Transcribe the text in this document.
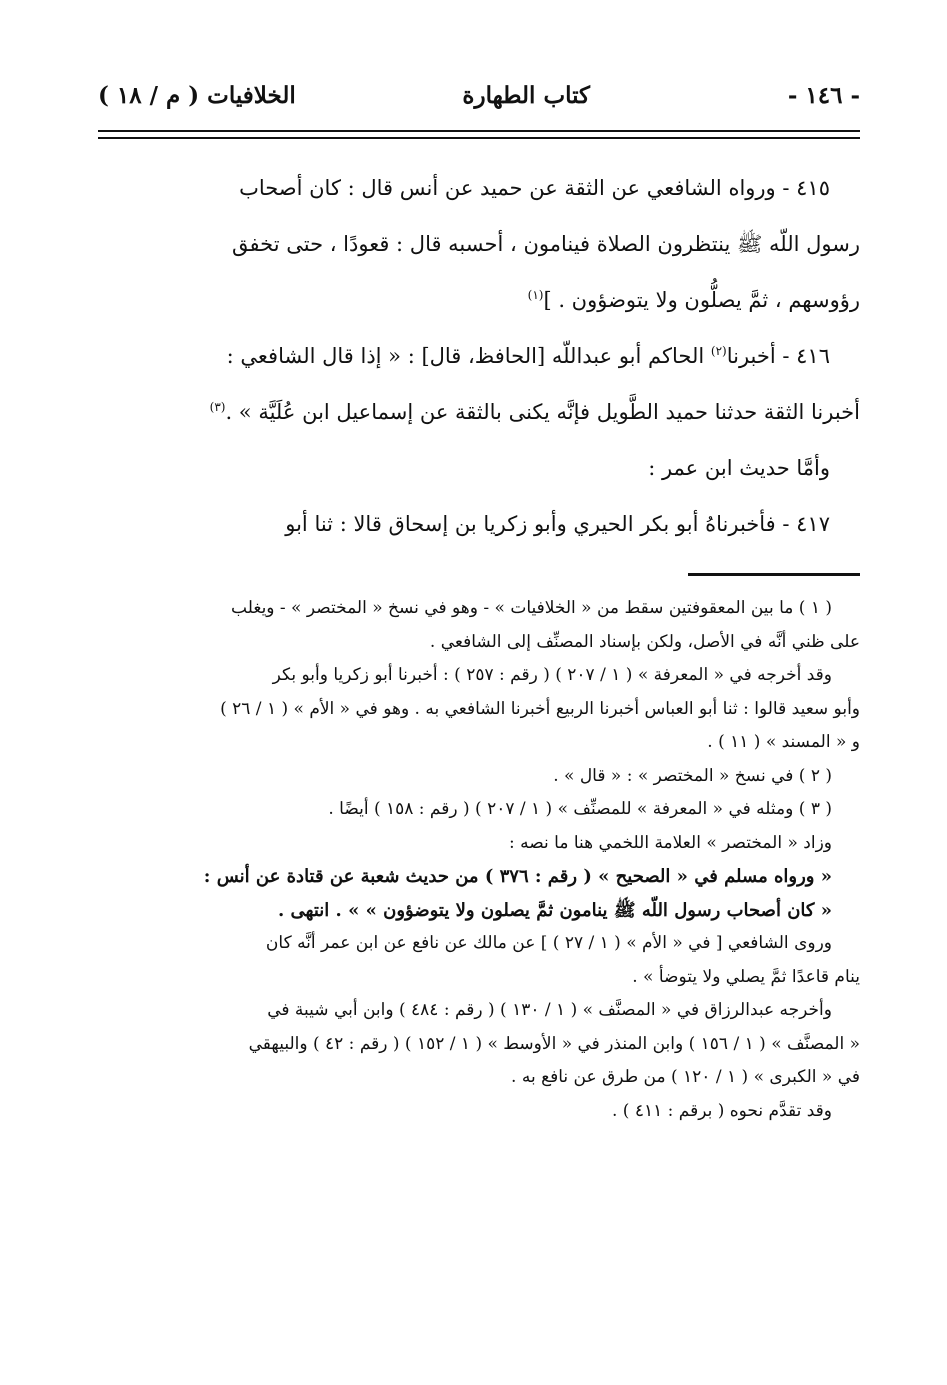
- ١٤٦ -
كتاب الطهارة
الخلافيات ( م / ١٨ )

٤١٥ - ورواه الشافعي عن الثقة عن حميد عن أنس قال : كان أصحاب

رسول اللّه ﷺ ينتظرون الصلاة فينامون ، أحسبه قال : قعودًا ، حتى تخفق

رؤوسهم ، ثمَّ يصلُّون ولا يتوضؤون . ]$^{(١)}$

٤١٦ - أخبرنا$^{(٢)}$ الحاكم أبو عبداللّه [الحافظ، قال] : « إذا قال الشافعي :

أخبرنا الثقة حدثنا حميد الطَّويل فإنَّه يكنى بالثقة عن إسماعيل ابن عُلَيَّة » .$^{(٣)}$

وأمَّا حديث ابن عمر :

٤١٧ - فأخبرناهُ أبو بكر الحيري وأبو زكريا بن إسحاق قالا : ثنا أبو

( ١ ) ما بين المعقوفتين سقط من « الخلافيات » - وهو في نسخ « المختصر » - ويغلب

على ظني أنَّه في الأصل، ولكن بإسناد المصنِّف إلى الشافعي .

وقد أخرجه في « المعرفة » ( ١ / ٢٠٧ ) ( رقم : ٢٥٧ ) : أخبرنا أبو زكريا وأبو بكر

وأبو سعيد قالوا : ثنا أبو العباس أخبرنا الربيع أخبرنا الشافعي به . وهو في « الأم » ( ١ / ٢٦ )

و « المسند » ( ١١ ) .

( ٢ ) في نسخ « المختصر » : « قال » .

( ٣ ) ومثله في « المعرفة » للمصنِّف » ( ١ / ٢٠٧ ) ( رقم : ١٥٨ ) أيضًا .

وزاد « المختصر » العلامة اللخمي هنا ما نصه :

« ورواه مسلم في « الصحيح » ( رقم : ٣٧٦ ) من حديث شعبة عن قتادة عن أنس :

« كان أصحاب رسول اللّه ﷺ ينامون ثمَّ يصلون ولا يتوضؤون » » . انتهى .

وروى الشافعي [ في « الأم » ( ١ / ٢٧ ) ] عن مالك عن نافع عن ابن عمر أنَّه كان

ينام قاعدًا ثمَّ يصلي ولا يتوضأ » .

وأخرجه عبدالرزاق في « المصنَّف » ( ١ / ١٣٠ ) ( رقم : ٤٨٤ ) وابن أبي شيبة في

« المصنَّف » ( ١ / ١٥٦ ) وابن المنذر في « الأوسط » ( ١ / ١٥٢ ) ( رقم : ٤٢ ) والبيهقي

في « الكبرى » ( ١ / ١٢٠ ) من طرق عن نافع به .

وقد تقدَّم نحوه ( برقم : ٤١١ ) .
